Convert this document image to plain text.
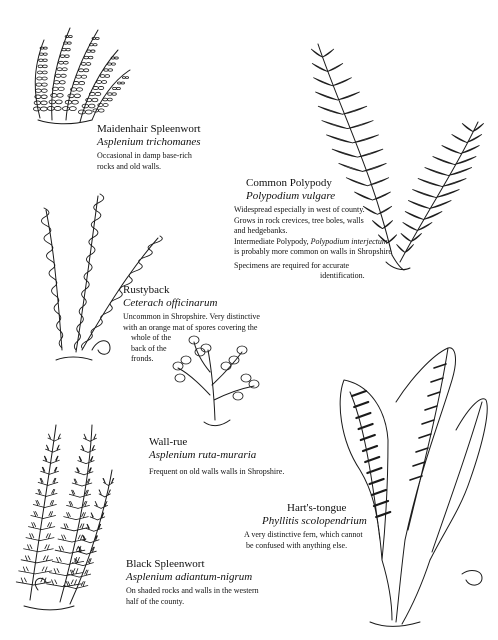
Maidenhair Spleenwort
Asplenium trichomanes

Occasional in damp base-rich

rocks and old walls.

Common Polypody
Polypodium vulgare

Widespread especially in west of county.

Grows in rock crevices, tree boles, walls

and hedgebanks.

Intermediate Polypody, Polypodium interjectum

is probably more common on walls in Shropshire

Specimens are required for accurate

identification.

Rustyback
Ceterach officinarum

Uncommon in Shropshire. Very distinctive

with an orange mat of spores covering the

whole of the

back of the

fronds.

Wall-rue
Asplenium ruta-muraria

Frequent on old walls walls in Shropshire.

Hart's-tongue
Phyllitis scolopendrium

A very distinctive fern, which cannot

be confused with anything else.

Black Spleenwort
Asplenium adiantum-nigrum

On shaded rocks and walls in the western

half of the county.
